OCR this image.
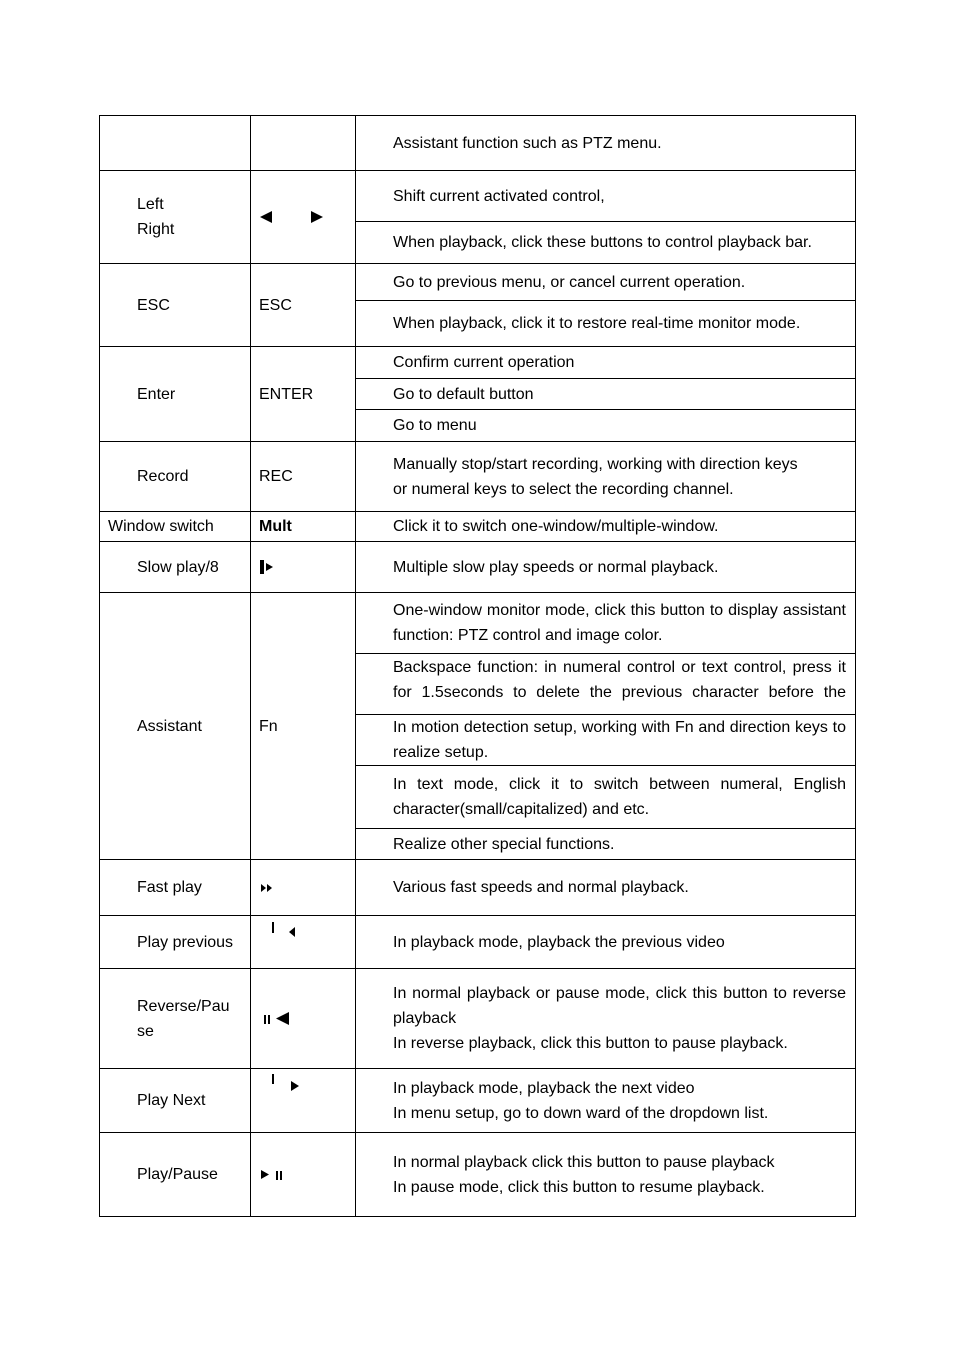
		Assistant function such as PTZ menu.

Left
Right		Shift current activated control,
		When playback, click these buttons to control playback bar.
ESC	ESC	Go to previous menu, or cancel current operation.
		When playback, click it to restore real-time monitor mode.
Enter	ENTER	Confirm current operation
		Go to default button
		Go to menu
Record	REC	Manually stop/start recording, working with direction keys
or numeral keys to select the recording channel.

Window switch	Mult	Click it to switch one-window/multiple-window.
Slow play/8		Multiple slow play speeds or normal playback.
Assistant	Fn	One-window monitor mode, click this button to display assistant function: PTZ control and image color.

		Backspace function: in numeral control or text control, press it for 1.5seconds to delete the previous character before the

		In motion detection setup, working with Fn and direction keys to realize setup.
		In text mode, click it to switch between numeral, English character(small/capitalized) and etc.
		Realize other special functions.
Fast play		Various fast speeds and normal playback.
Play previous		In playback mode, playback the previous video

Reverse/Pau
se		In normal playback or pause mode, click this button to reverse
playback
In reverse playback, click this button to pause playback.

Play Next		In playback mode, playback the next video
In menu setup, go to down ward of the dropdown list.

Play/Pause		In normal playback click this button to pause playback
In pause mode, click this button to resume playback.
